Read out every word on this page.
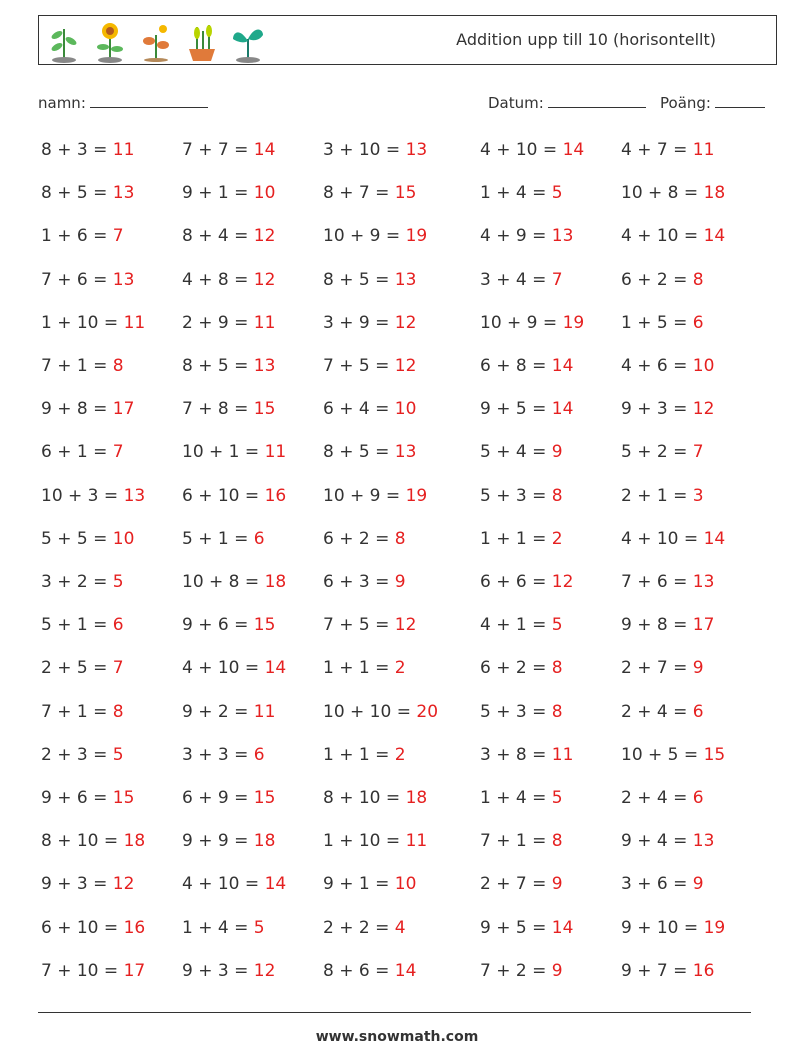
Addition upp till 10 (horisontellt)
namn:	Datum:	Poäng:
8 + 3 = 11	7 + 7 = 14	3 + 10 = 13	4 + 10 = 14 4 + 7 = 11
8 + 5 = 13	9 + 1 = 10	8 + 7 = 15	1 + 4 = 5	10 + 8 = 18
1 + 6 = 7	8 + 4 = 12	10 + 9 = 19	4 + 9 = 13	4 + 10 = 14
7 + 6 = 13	4 + 8 = 12	8 + 5 = 13	3 + 4 = 7	6 + 2 = 8
1 + 10 = 11 2 + 9 = 11	3 + 9 = 12	10 + 9 = 19 1 + 5 = 6
7 + 1 = 8	8 + 5 = 13	7 + 5 = 12	6 + 8 = 14	4 + 6 = 10
9 + 8 = 17	7 + 8 = 15	6 + 4 = 10	9 + 5 = 14	9 + 3 = 12
6 + 1 = 7	10 + 1 = 11 8 + 5 = 13	5 + 4 = 9	5 + 2 = 7
10 + 3 = 13 6 + 10 = 16 10 + 9 = 19	5 + 3 = 8	2 + 1 = 3
5 + 5 = 10	5 + 1 = 6	6 + 2 = 8	1 + 1 = 2	4 + 10 = 14
3 + 2 = 5	10 + 8 = 18 6 + 3 = 9	6 + 6 = 12	7 + 6 = 13
5 + 1 = 6	9 + 6 = 15	7 + 5 = 12	4 + 1 = 5	9 + 8 = 17
2 + 5 = 7	4 + 10 = 14 1 + 1 = 2	6 + 2 = 8	2 + 7 = 9
7 + 1 = 8	9 + 2 = 11	10 + 10 = 20 5 + 3 = 8	2 + 4 = 6
2 + 3 = 5	3 + 3 = 6	1 + 1 = 2	3 + 8 = 11	10 + 5 = 15
9 + 6 = 15	6 + 9 = 15	8 + 10 = 18	1 + 4 = 5	2 + 4 = 6
8 + 10 = 18 9 + 9 = 18	1 + 10 = 11	7 + 1 = 8	9 + 4 = 13
9 + 3 = 12	4 + 10 = 14 9 + 1 = 10	2 + 7 = 9	3 + 6 = 9
6 + 10 = 16 1 + 4 = 5	2 + 2 = 4	9 + 5 = 14	9 + 10 = 19
7 + 10 = 17 9 + 3 = 12	8 + 6 = 14	7 + 2 = 9	9 + 7 = 16
www.snowmath.com
